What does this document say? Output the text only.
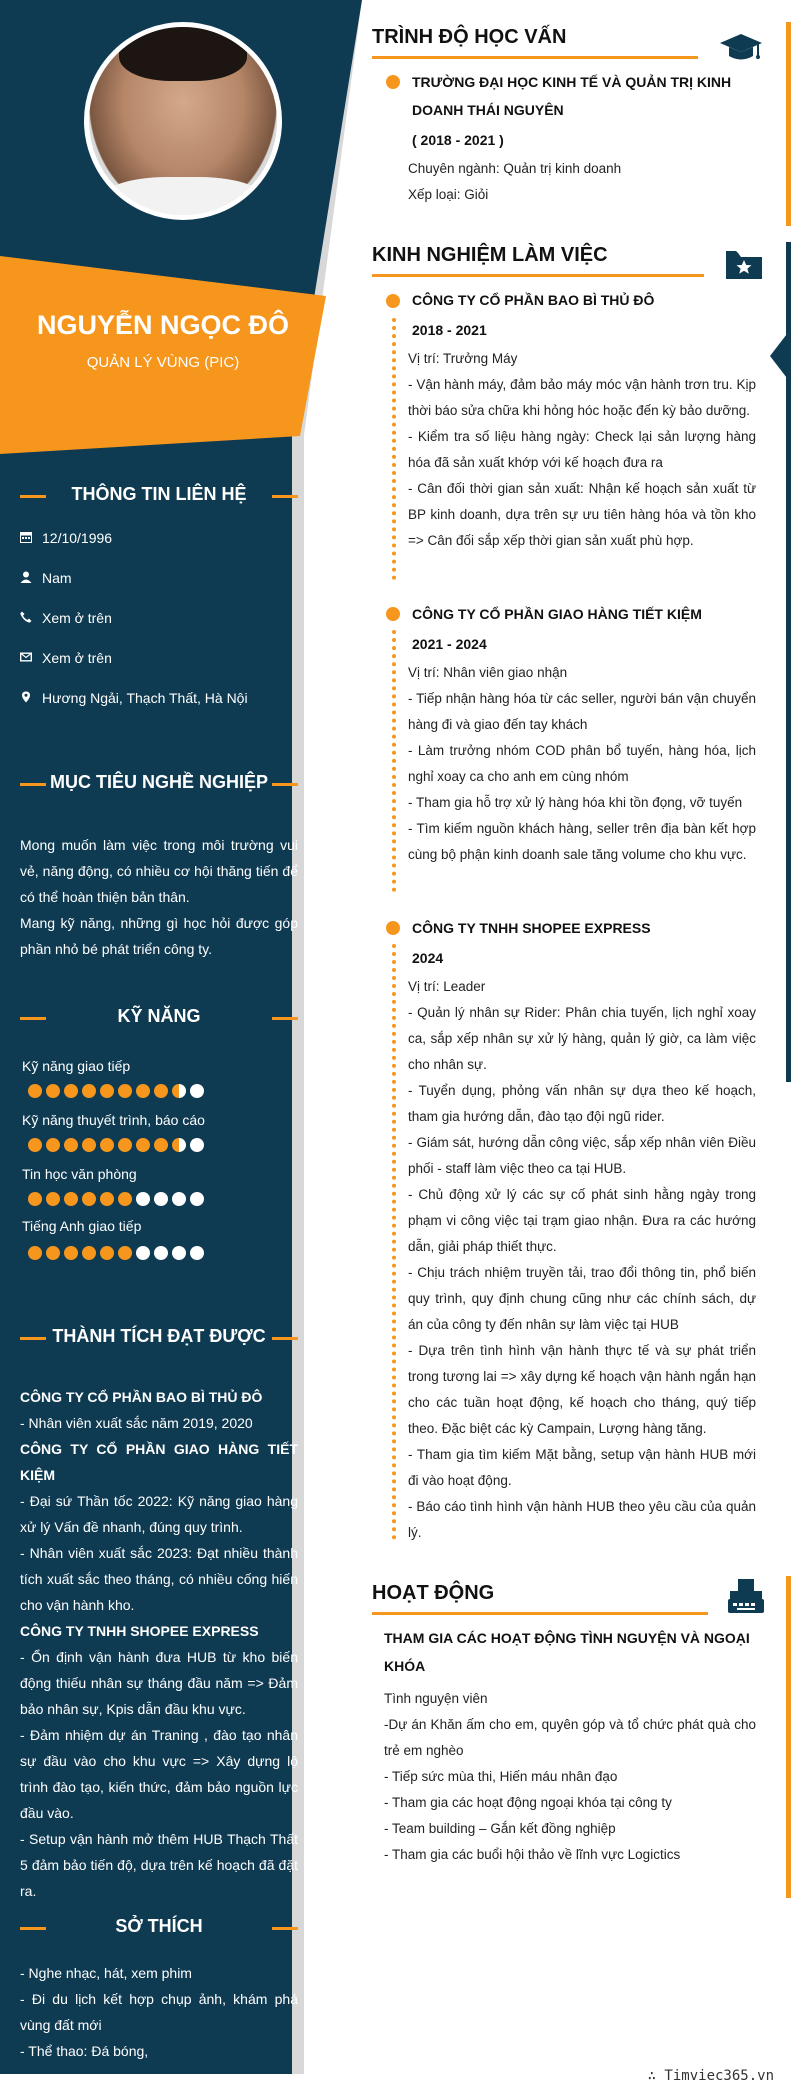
NGUYỄN NGỌC ĐÔ
QUẢN LÝ VÙNG (PIC)
THÔNG TIN LIÊN HỆ
12/10/1996
Nam
Xem ở trên
Xem ở trên
Hương Ngải, Thạch Thất, Hà Nội
MỤC TIÊU NGHỀ NGHIỆP

Mong muốn làm việc trong môi trường vui vẻ, năng động, có nhiều cơ hội thăng tiến để có thể hoàn thiện bản thân.

Mang kỹ năng, những gì học hỏi được góp phần nhỏ bé phát triển công ty.

KỸ NĂNG
Kỹ năng giao tiếp
Kỹ năng thuyết trình, báo cáo
Tin học văn phòng
Tiếng Anh giao tiếp
THÀNH TÍCH ĐẠT ĐƯỢC

CÔNG TY CỔ PHẦN BAO BÌ THỦ ĐÔ

- Nhân viên xuất sắc năm 2019, 2020

CÔNG TY CỔ PHẦN GIAO HÀNG TIẾT KIỆM

- Đại sứ Thần tốc 2022: Kỹ năng giao hàng xử lý Vấn đề nhanh, đúng quy trình.

- Nhân viên xuất sắc 2023: Đạt nhiều thành tích xuất sắc theo tháng, có nhiều cống hiến cho vận hành kho.

CÔNG TY TNHH SHOPEE EXPRESS

- Ổn định vận hành đưa HUB từ kho biến động thiếu nhân sự tháng đầu năm => Đảm bảo nhân sự, Kpis dẫn đầu khu vực.

- Đảm nhiệm dự án Traning , đào tạo nhân sự đầu vào cho khu vực => Xây dựng lộ trình đào tạo, kiến thức, đảm bảo nguồn lực đầu vào.

- Setup vận hành mở thêm HUB Thạch Thất 5 đảm bảo tiến độ, dựa trên kế hoạch đã đặt ra.

SỞ THÍCH

- Nghe nhạc, hát, xem phim

- Đi du lịch kết hợp chụp ảnh, khám phá vùng đất mới

- Thể thao: Đá bóng,

TRÌNH ĐỘ HỌC VẤN
TRƯỜNG ĐẠI HỌC KINH TẾ VÀ QUẢN TRỊ KINH DOANH THÁI NGUYÊN
( 2018 - 2021 )

Chuyên ngành: Quản trị kinh doanh

Xếp loại: Giỏi

KINH NGHIỆM LÀM VIỆC
CÔNG TY CỔ PHẦN BAO BÌ THỦ ĐÔ
2018 - 2021

Vị trí: Trưởng Máy

- Vận hành máy, đảm bảo máy móc vận hành trơn tru. Kịp thời báo sửa chữa khi hỏng hóc hoặc đến kỳ bảo dưỡng.

- Kiểm tra số liệu hàng ngày: Check lại sản lượng hàng hóa đã sản xuất khớp với kế hoạch đưa ra

- Cân đối thời gian sản xuất: Nhận kế hoạch sản xuất từ BP kinh doanh, dựa trên sự ưu tiên hàng hóa và tồn kho => Cân đối sắp xếp thời gian sản xuất phù hợp.

CÔNG TY CỔ PHẦN GIAO HÀNG TIẾT KIỆM
2021 - 2024

Vị trí: Nhân viên giao nhận

- Tiếp nhận hàng hóa từ các seller, người bán vận chuyển hàng đi và giao đến tay khách

- Làm trưởng nhóm COD phân bổ tuyến, hàng hóa, lịch nghỉ xoay ca cho anh em cùng nhóm

- Tham gia hỗ trợ xử lý hàng hóa khi tồn đọng, vỡ tuyến

- Tìm kiếm nguồn khách hàng, seller trên địa bàn kết hợp cùng bộ phận kinh doanh sale tăng volume cho khu vực.

CÔNG TY TNHH SHOPEE EXPRESS
2024

Vị trí: Leader

- Quản lý nhân sự Rider: Phân chia tuyến, lịch nghỉ xoay ca, sắp xếp nhân sự xử lý hàng, quản lý giờ, ca làm việc cho nhân sự.

- Tuyển dụng, phỏng vấn nhân sự dựa theo kế hoạch, tham gia hướng dẫn, đào tạo đội ngũ rider.

- Giám sát, hướng dẫn công việc, sắp xếp nhân viên Điều phối - staff làm việc theo ca tại HUB.

- Chủ động xử lý các sự cố phát sinh hằng ngày trong phạm vi công việc tại trạm giao nhận. Đưa ra các hướng dẫn, giải pháp thiết thực.

- Chịu trách nhiệm truyền tải, trao đổi thông tin, phổ biến quy trình, quy định chung cũng như các chính sách, dự án của công ty đến nhân sự làm việc tại HUB

- Dựa trên tình hình vận hành thực tế và sự phát triển trong tương lai => xây dựng kế hoạch vận hành ngắn hạn cho các tuần hoạt động, kế hoạch cho tháng, quý tiếp theo. Đặc biệt các kỳ Campain, Lượng hàng tăng.

- Tham gia tìm kiếm Mặt bằng, setup vận hành HUB mới đi vào hoạt động.

- Báo cáo tình hình vận hành HUB theo yêu cầu của quản lý.

HOẠT ĐỘNG
THAM GIA CÁC HOẠT ĐỘNG TÌNH NGUYỆN VÀ NGOẠI KHÓA

Tình nguyện viên

-Dự án Khăn ấm cho em, quyên góp và tổ chức phát quà cho trẻ em nghèo

- Tiếp sức mùa thi, Hiến máu nhân đạo

- Tham gia các hoạt động ngoại khóa tại công ty

- Team building – Gắn kết đồng nghiệp

- Tham gia các buổi hội thảo về lĩnh vực Logictics

∴ Timviec365.vn
